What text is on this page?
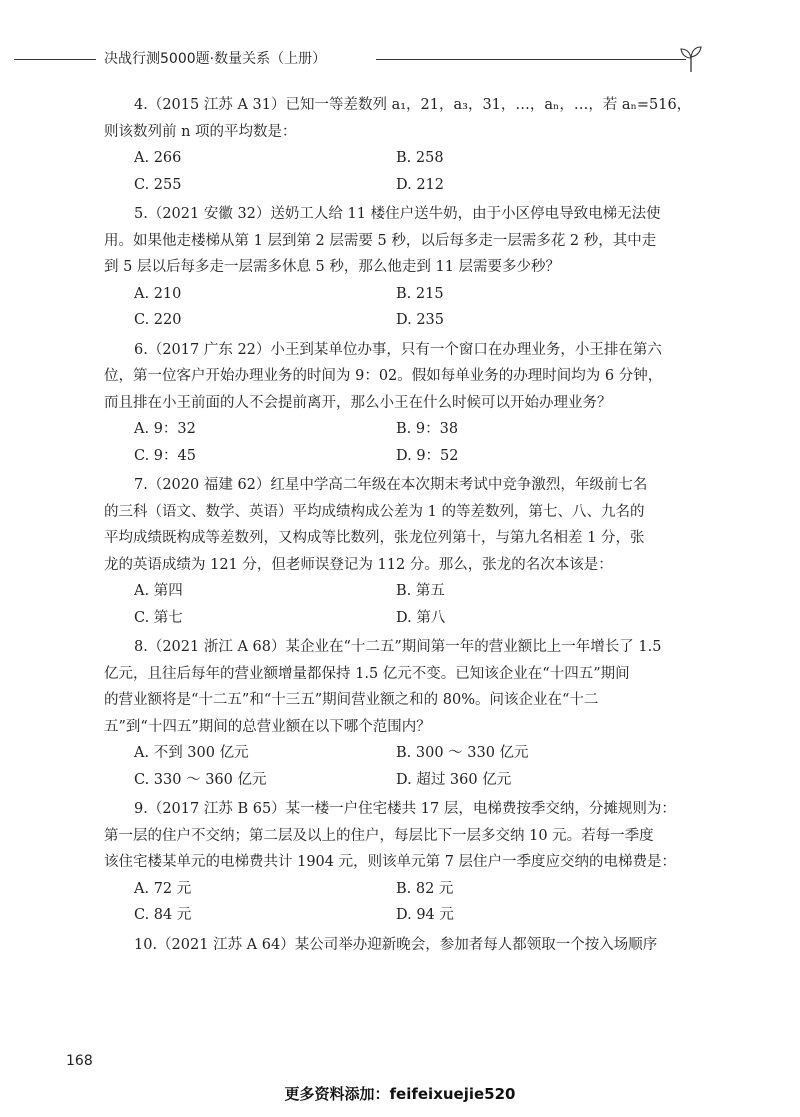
决战行测5000题·数量关系（上册）
4.（2015 江苏 A 31）已知一等差数列 a₁，21，a₃，31，…，aₙ，…，若 aₙ=516，
则该数列前 n 项的平均数是：
A. 266	B. 258
C. 255	D. 212
5.（2021 安徽 32）送奶工人给 11 楼住户送牛奶，由于小区停电导致电梯无法使
用。如果他走楼梯从第 1 层到第 2 层需要 5 秒，以后每多走一层需多花 2 秒，其中走
到 5 层以后每多走一层需多休息 5 秒，那么他走到 11 层需要多少秒？
A. 210	B. 215
C. 220	D. 235
6.（2017 广东 22）小王到某单位办事，只有一个窗口在办理业务，小王排在第六
位，第一位客户开始办理业务的时间为 9：02。假如每单业务的办理时间均为 6 分钟，
而且排在小王前面的人不会提前离开，那么小王在什么时候可以开始办理业务？
A. 9：32	B. 9：38
C. 9：45	D. 9：52
7.（2020 福建 62）红星中学高二年级在本次期末考试中竞争激烈，年级前七名
的三科（语文、数学、英语）平均成绩构成公差为 1 的等差数列，第七、八、九名的
平均成绩既构成等差数列，又构成等比数列，张龙位列第十，与第九名相差 1 分，张
龙的英语成绩为 121 分，但老师误登记为 112 分。那么，张龙的名次本该是：
A. 第四	B. 第五
C. 第七	D. 第八
8.（2021 浙江 A 68）某企业在“十二五”期间第一年的营业额比上一年增长了 1.5
亿元，且往后每年的营业额增量都保持 1.5 亿元不变。已知该企业在“十四五”期间
的营业额将是“十二五”和“十三五”期间营业额之和的 80%。问该企业在“十二
五”到“十四五”期间的总营业额在以下哪个范围内？
A. 不到 300 亿元	B. 300 ～ 330 亿元
C. 330 ～ 360 亿元	D. 超过 360 亿元
9.（2017 江苏 B 65）某一楼一户住宅楼共 17 层，电梯费按季交纳，分摊规则为：
第一层的住户不交纳；第二层及以上的住户，每层比下一层多交纳 10 元。若每一季度
该住宅楼某单元的电梯费共计 1904 元，则该单元第 7 层住户一季度应交纳的电梯费是：
A. 72 元	B. 82 元
C. 84 元	D. 94 元
10.（2021 江苏 A 64）某公司举办迎新晚会，参加者每人都领取一个按入场顺序
168
更多资料添加：feifeixuejie520
